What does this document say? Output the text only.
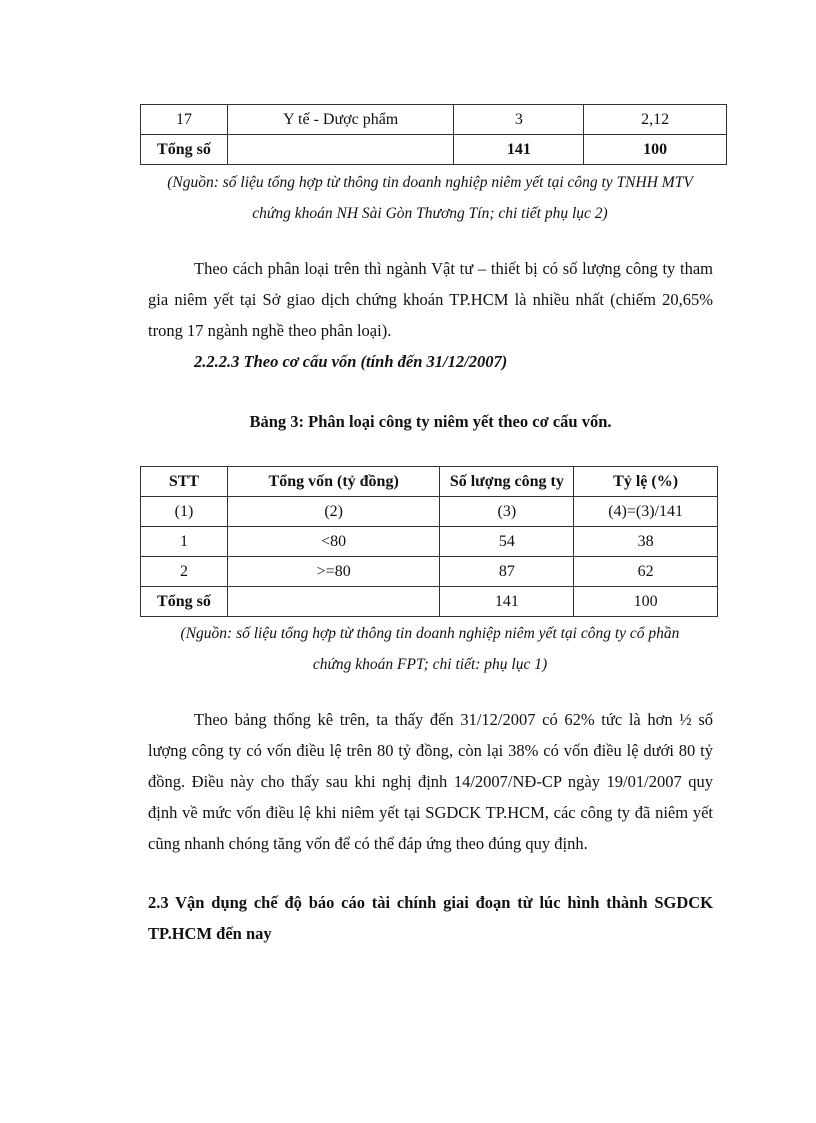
17	Y tế - Dược phẩm	3	2,12
Tổng số		141	100
(Nguồn: số liệu tổng hợp từ thông tin doanh nghiệp niêm yết tại công ty TNHH MTV
chứng khoán NH Sài Gòn Thương Tín; chi tiết phụ lục 2)
Theo cách phân loại trên thì ngành Vật tư – thiết bị có số lượng công ty tham
gia niêm yết tại Sở giao dịch chứng khoán TP.HCM là nhiều nhất (chiếm 20,65%
trong 17 ngành nghề theo phân loại).
2.2.2.3 Theo cơ cấu vốn (tính đến 31/12/2007)
Bảng 3: Phân loại công ty niêm yết theo cơ cấu vốn.
STT	Tổng vốn (tỷ đồng)	Số lượng công ty	Tỷ lệ (%)
(1)	(2)	(3)	(4)=(3)/141
1	<80	54	38
2	>=80	87	62
Tổng số		141	100
(Nguồn: số liệu tổng hợp từ thông tin doanh nghiệp niêm yết tại công ty cổ phần
chứng khoán FPT; chi tiết: phụ lục 1)
Theo bảng thống kê trên, ta thấy đến 31/12/2007 có 62% tức là hơn ½ số
lượng công ty có vốn điều lệ trên 80 tỷ đồng, còn lại 38% có vốn điều lệ dưới 80 tỷ
đồng. Điều này cho thấy sau khi nghị định 14/2007/NĐ-CP ngày 19/01/2007 quy
định về mức vốn điều lệ khi niêm yết tại SGDCK TP.HCM, các công ty đã niêm yết
cũng nhanh chóng tăng vốn để có thể đáp ứng theo đúng quy định.
2.3 Vận dụng chế độ báo cáo tài chính giai đoạn từ lúc hình thành SGDCK
TP.HCM đến nay
